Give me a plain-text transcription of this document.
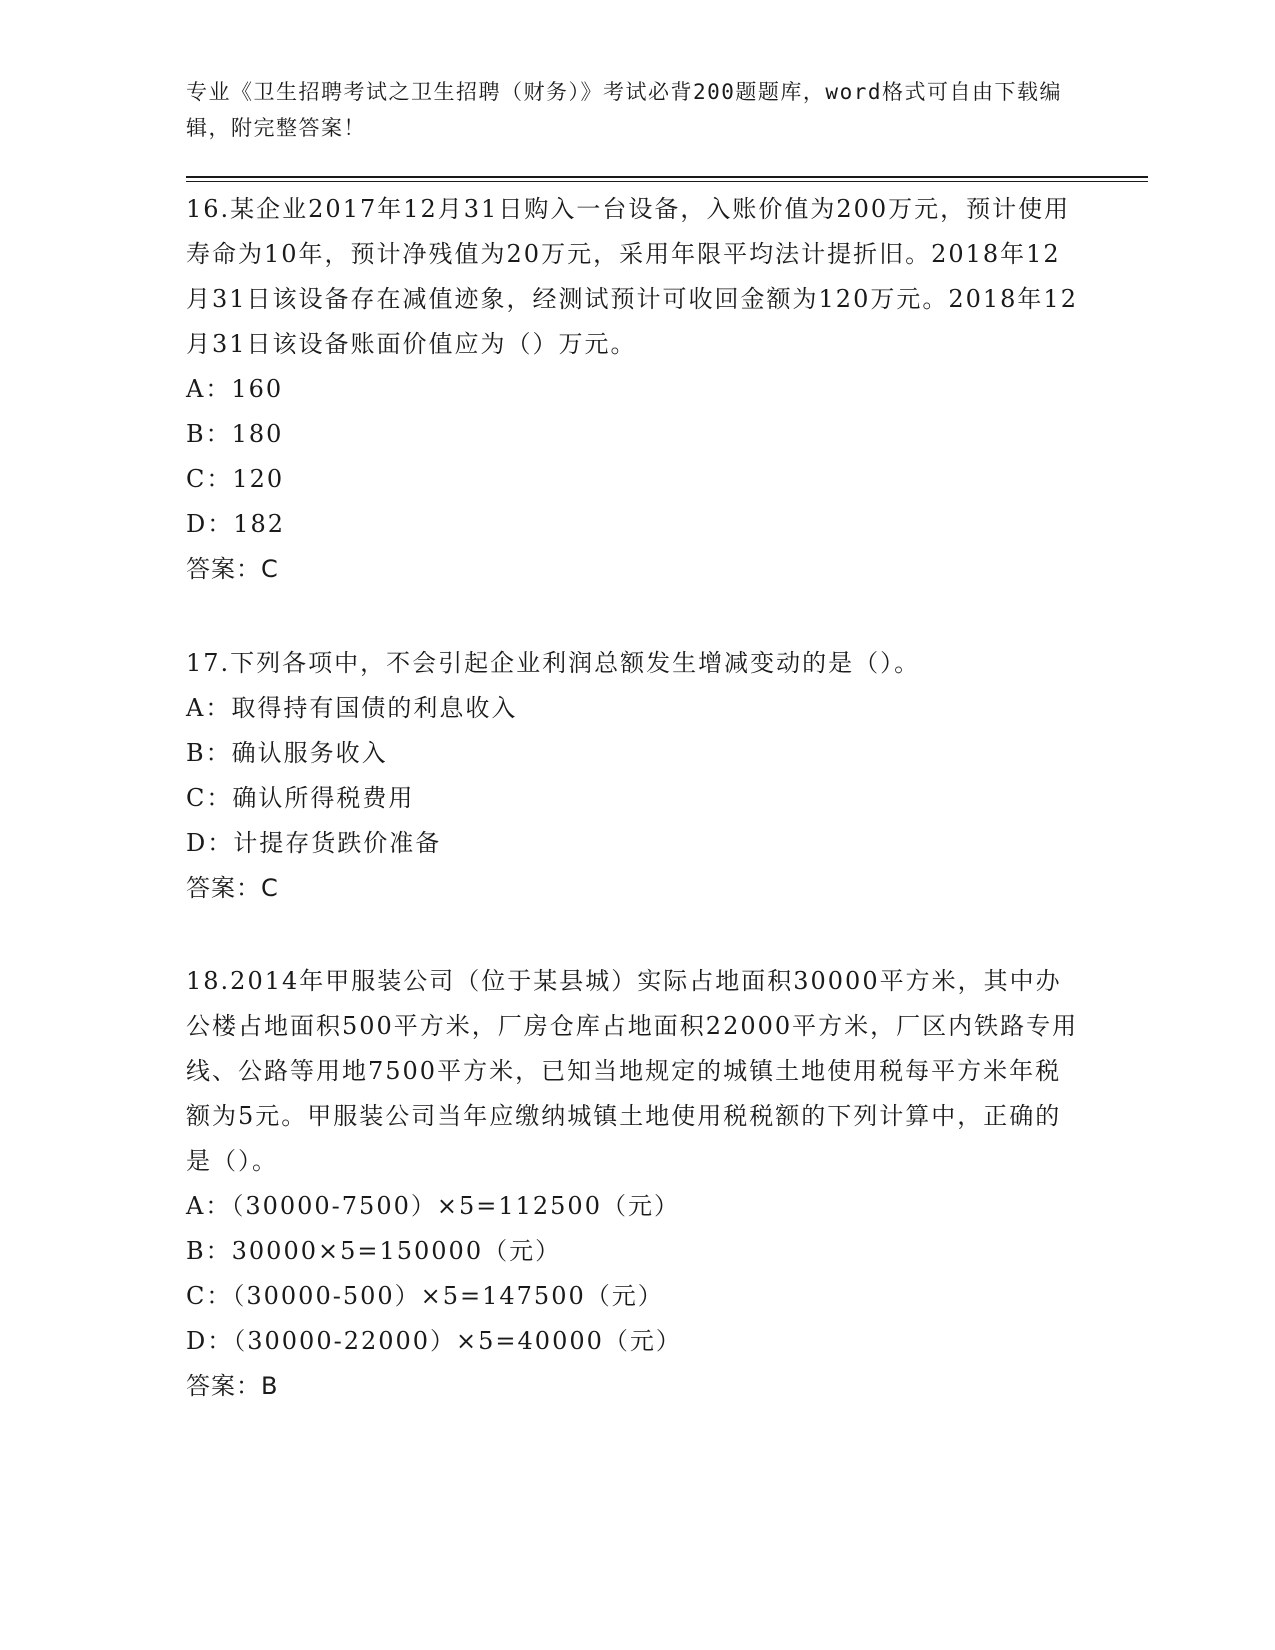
专业《卫生招聘考试之卫生招聘（财务）》考试必背200题题库，word格式可自由下载编辑，附完整答案！

16.某企业2017年12月31日购入一台设备，入账价值为200万元，预计使用寿命为10年，预计净残值为20万元，采用年限平均法计提折旧。2018年12月31日该设备存在减值迹象，经测试预计可收回金额为120万元。2018年12月31日该设备账面价值应为（）万元。

A：160

B：180

C：120

D：182

答案：C

17.下列各项中，不会引起企业利润总额发生增减变动的是（）。

A：取得持有国债的利息收入

B：确认服务收入

C：确认所得税费用

D：计提存货跌价准备

答案：C

18.2014年甲服装公司（位于某县城）实际占地面积30000平方米，其中办公楼占地面积500平方米，厂房仓库占地面积22000平方米，厂区内铁路专用线、公路等用地7500平方米，已知当地规定的城镇土地使用税每平方米年税额为5元。甲服装公司当年应缴纳城镇土地使用税税额的下列计算中，正确的是（）。

A：（30000-7500）×5=112500（元）

B：30000×5=150000（元）

C：（30000-500）×5=147500（元）

D：（30000-22000）×5=40000（元）

答案：B
